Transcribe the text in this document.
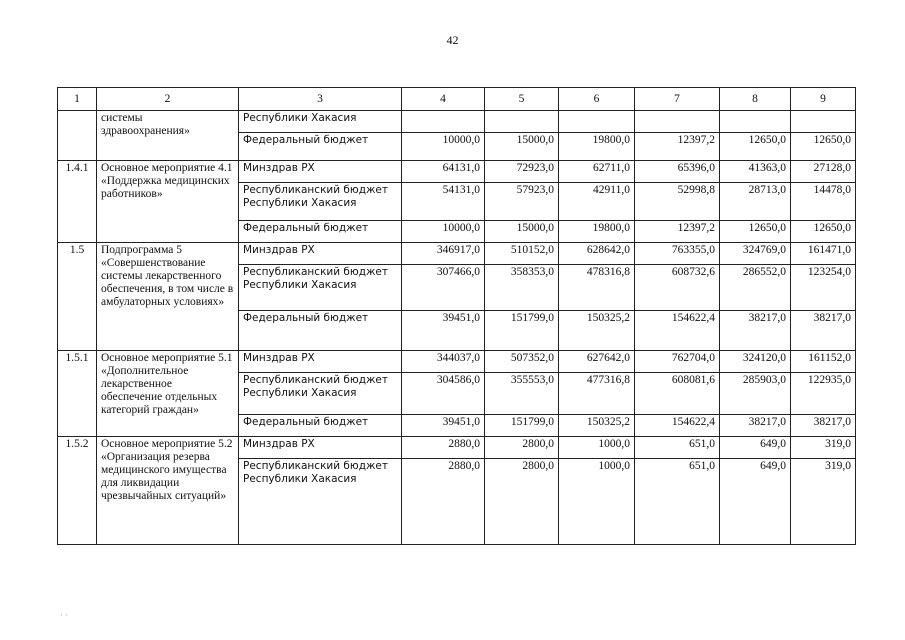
42
1	2	3	4	5	6	7	8	9
	системы здравоохранения»	Республики Хакасия						
		Федеральный бюджет	10000,0	15000,0	19800,0	12397,2	12650,0	12650,0
1.4.1	Основное мероприятие 4.1 «Поддержка медицинских работников»	Минздрав РХ	64131,0	72923,0	62711,0	65396,0	41363,0	27128,0
		Республиканский бюджет Республики Хакасия	54131,0	57923,0	42911,0	52998,8	28713,0	14478,0
		Федеральный бюджет	10000,0	15000,0	19800,0	12397,2	12650,0	12650,0
1.5	Подпрограмма 5 «Совершенствование системы лекарственного обеспечения, в том числе в амбулаторных условиях»	Минздрав РХ	346917,0	510152,0	628642,0	763355,0	324769,0	161471,0
		Республиканский бюджет Республики Хакасия	307466,0	358353,0	478316,8	608732,6	286552,0	123254,0
		Федеральный бюджет	39451,0	151799,0	150325,2	154622,4	38217,0	38217,0
1.5.1	Основное мероприятие 5.1 «Дополнительное лекарственное обеспечение отдельных категорий граждан»	Минздрав РХ	344037,0	507352,0	627642,0	762704,0	324120,0	161152,0
		Республиканский бюджет Республики Хакасия	304586,0	355553,0	477316,8	608081,6	285903,0	122935,0
		Федеральный бюджет	39451,0	151799,0	150325,2	154622,4	38217,0	38217,0
1.5.2	Основное мероприятие 5.2 «Организация резерва медицинского имущества для ликвидации чрезвычайных ситуаций»	Минздрав РХ	2880,0	2800,0	1000,0	651,0	649,0	319,0
		Республиканский бюджет Республики Хакасия	2880,0	2800,0	1000,0	651,0	649,0	319,0
· ·
